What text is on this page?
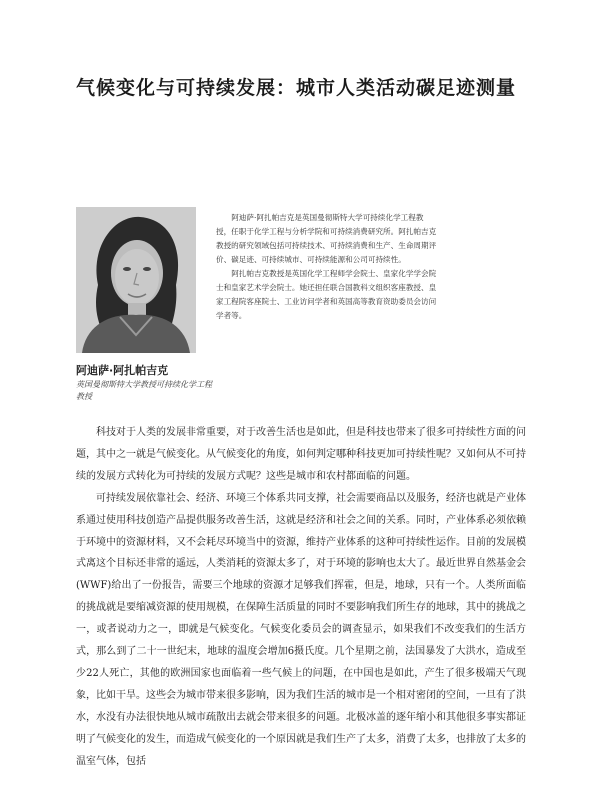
气候变化与可持续发展：城市人类活动碳足迹测量

阿迪萨·阿扎帕吉克是英国曼彻斯特大学可持续化学工程教授，任职于化学工程与分析学院和可持续消费研究所。阿扎帕吉克教授的研究领域包括可持续技术、可持续消费和生产、生命周期评价、碳足迹、可持续城市、可持续能源和公司可持续性。

阿扎帕吉克教授是英国化学工程师学会院士、皇家化学学会院士和皇家艺术学会院士。她还担任联合国教科文组织客座教授、皇家工程院客座院士、工业访问学者和英国高等教育资助委员会访问学者等。

阿迪萨·阿扎帕吉克
英国曼彻斯特大学教授可持续化学工程教授

科技对于人类的发展非常重要，对于改善生活也是如此，但是科技也带来了很多可持续性方面的问题，其中之一就是气候变化。从气候变化的角度，如何判定哪种科技更加可持续性呢？又如何从不可持续的发展方式转化为可持续的发展方式呢？这些是城市和农村都面临的问题。

可持续发展依靠社会、经济、环境三个体系共同支撑，社会需要商品以及服务，经济也就是产业体系通过使用科技创造产品提供服务改善生活，这就是经济和社会之间的关系。同时，产业体系必须依赖于环境中的资源材料，又不会耗尽环境当中的资源，维持产业体系的这种可持续性运作。目前的发展模式离这个目标还非常的遥远，人类消耗的资源太多了，对于环境的影响也太大了。最近世界自然基金会(WWF)给出了一份报告，需要三个地球的资源才足够我们挥霍，但是，地球，只有一个。人类所面临的挑战就是要缩减资源的使用规模，在保障生活质量的同时不要影响我们所生存的地球，其中的挑战之一，或者说动力之一，即就是气候变化。气候变化委员会的调查显示，如果我们不改变我们的生活方式，那么到了二十一世纪末，地球的温度会增加6摄氏度。几个星期之前，法国暴发了大洪水，造成至少22人死亡，其他的欧洲国家也面临着一些气候上的问题，在中国也是如此，产生了很多极端天气现象，比如干旱。这些会为城市带来很多影响，因为我们生活的城市是一个相对密闭的空间，一旦有了洪水，水没有办法很快地从城市疏散出去就会带来很多的问题。北极冰盖的逐年缩小和其他很多事实都证明了气候变化的发生，而造成气候变化的一个原因就是我们生产了太多，消费了太多，也排放了太多的温室气体，包括
